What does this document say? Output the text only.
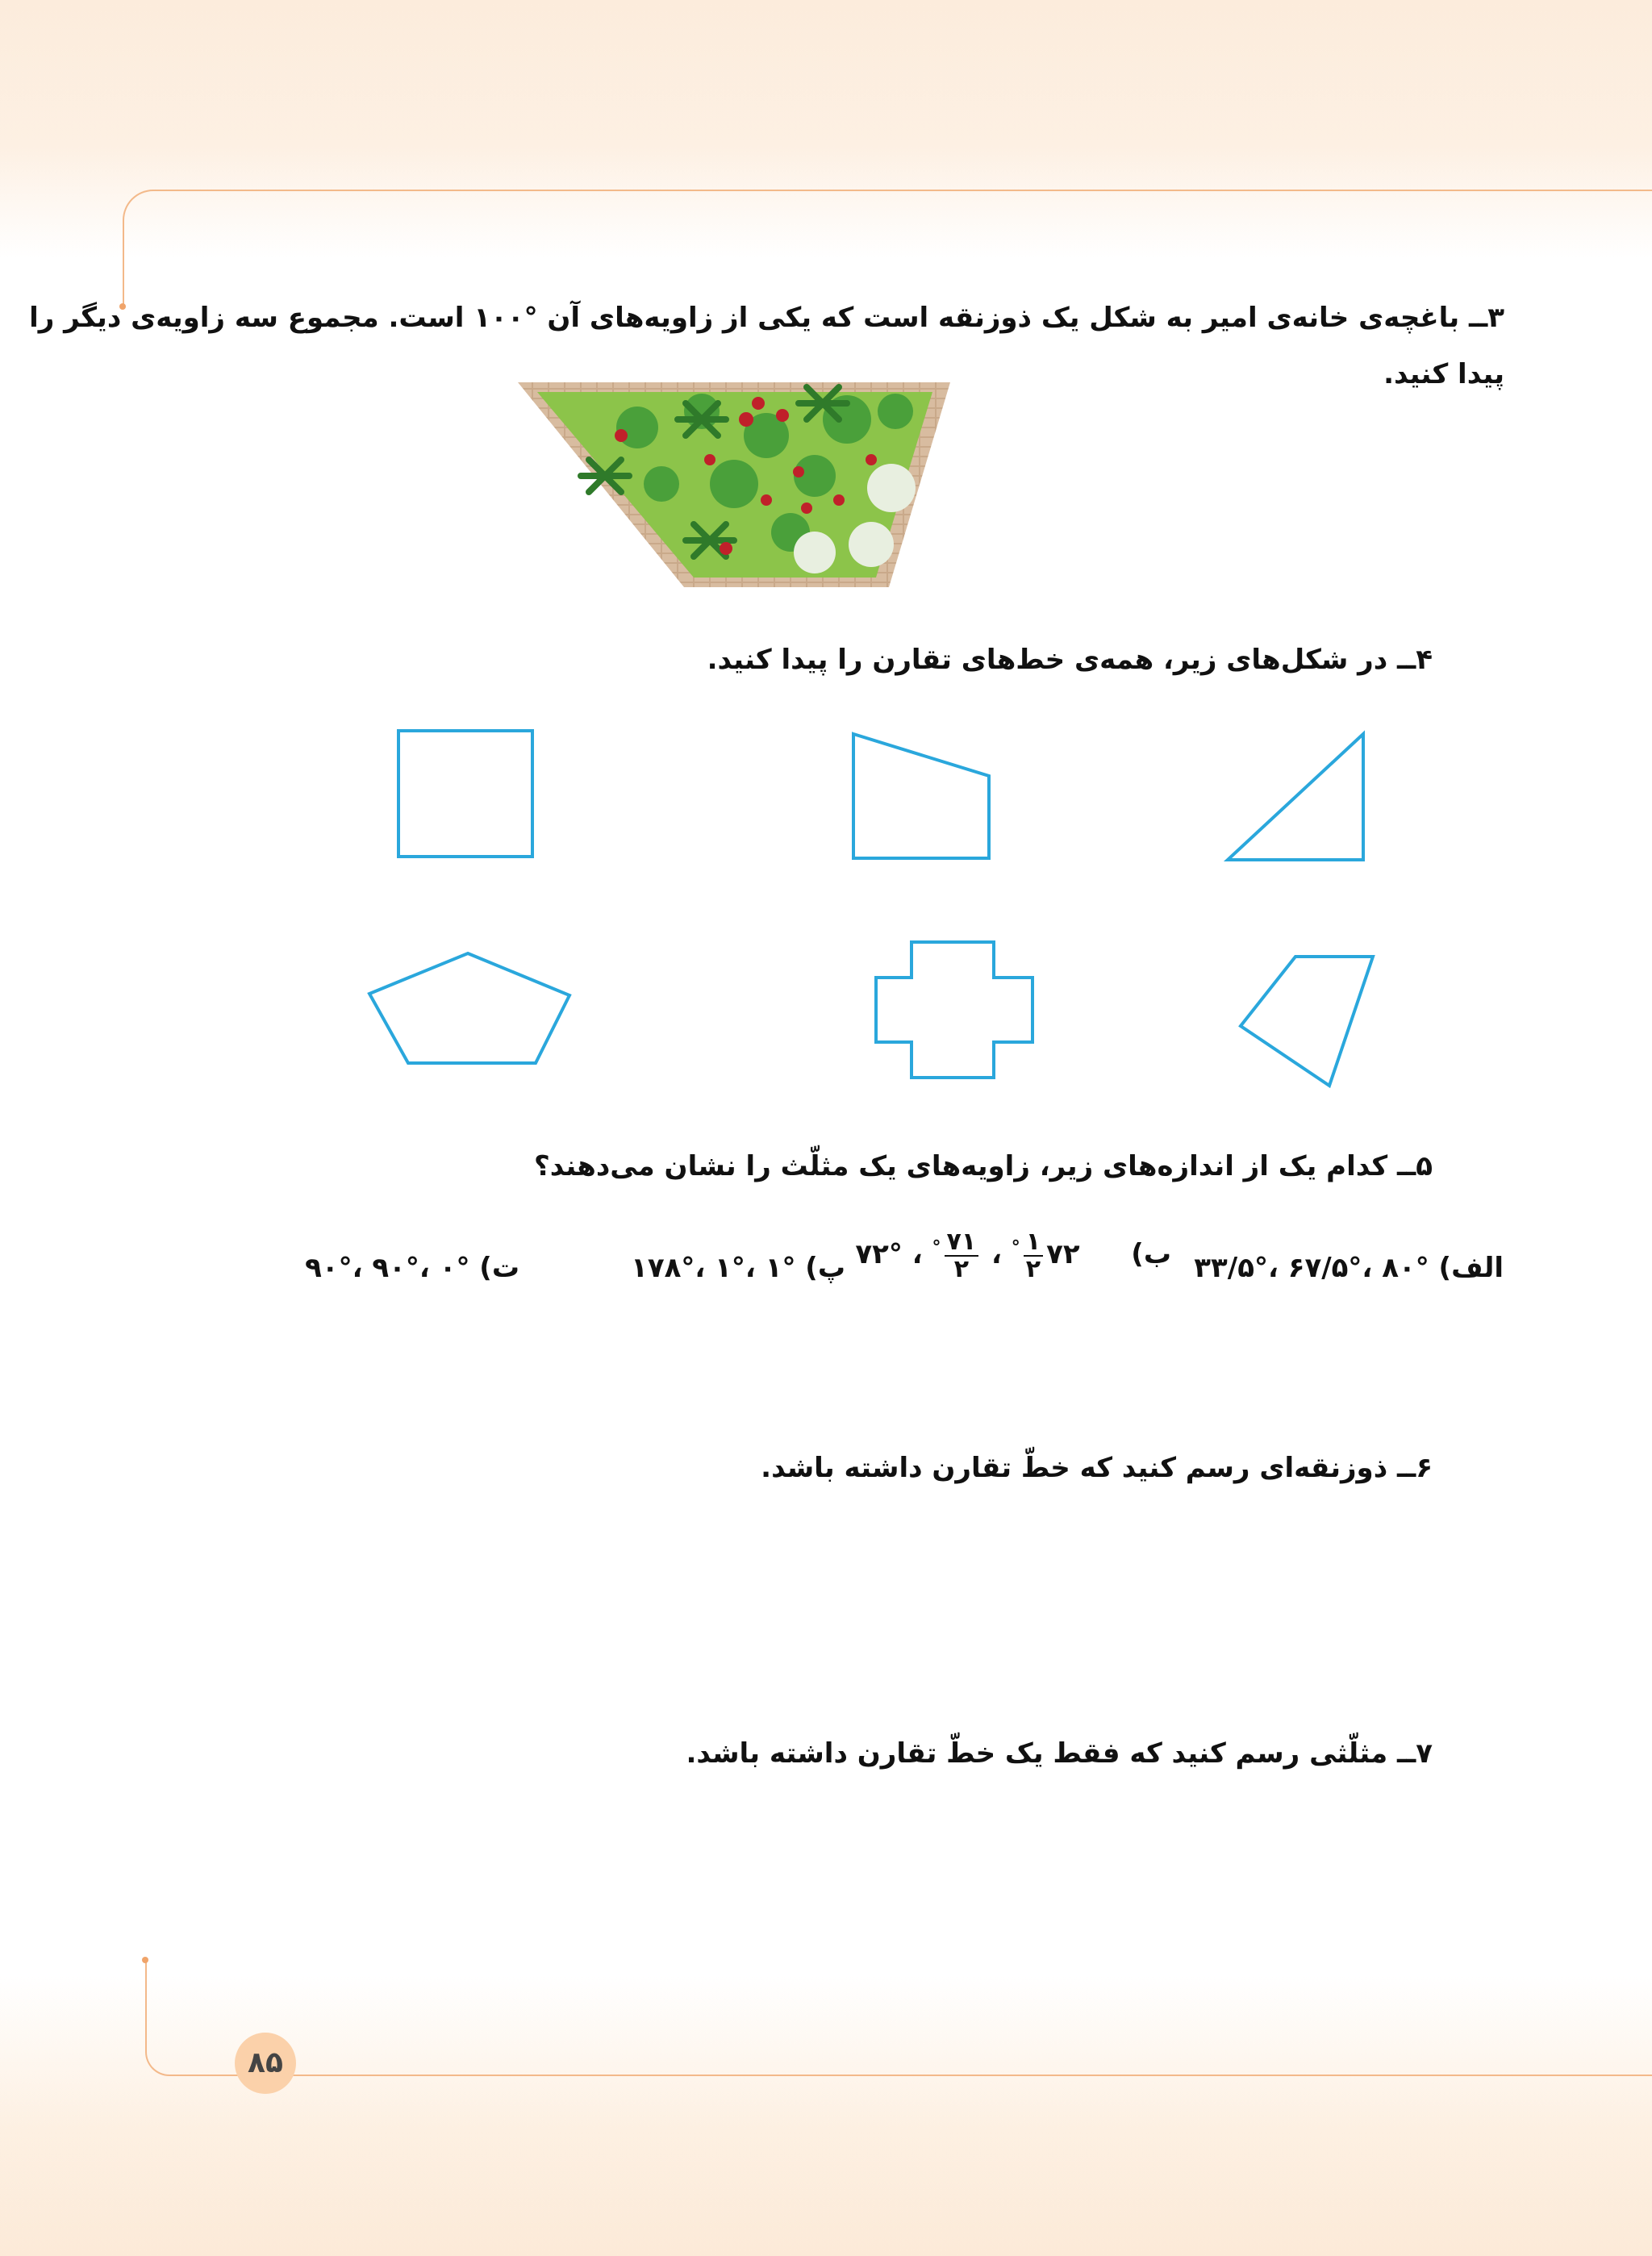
۳ــ باغچه‌ی خانه‌ی امیر به شکل یک ذوزنقه است که یکی از زاویه‌های آن °۱۰۰ است. مجموع سه زاویه‌ی دیگر را
پیدا کنید.
۴ــ در شکل‌های زیر، همه‌ی خط‌های تقارن را پیدا کنید.
۵ــ کدام یک از اندازه‌های زیر، زاویه‌های یک مثلّث را نشان می‌دهند؟
الف) °۸۰ ،°۶۷/۵ ،°۳۳/۵
ب)  ۷۲
$\frac{۱}{۲}$
° ،
$\frac{۷۱}{۲}$
° ، °۷۲
پ) °۱ ،°۱ ،°۱۷۸
ت) °۰ ،°۹۰ ،°۹۰
۶ــ ذوزنقه‌ای رسم کنید که خطّ تقارن داشته باشد.
۷ــ مثلّثی رسم کنید که فقط یک خطّ تقارن داشته باشد.
۸۵
